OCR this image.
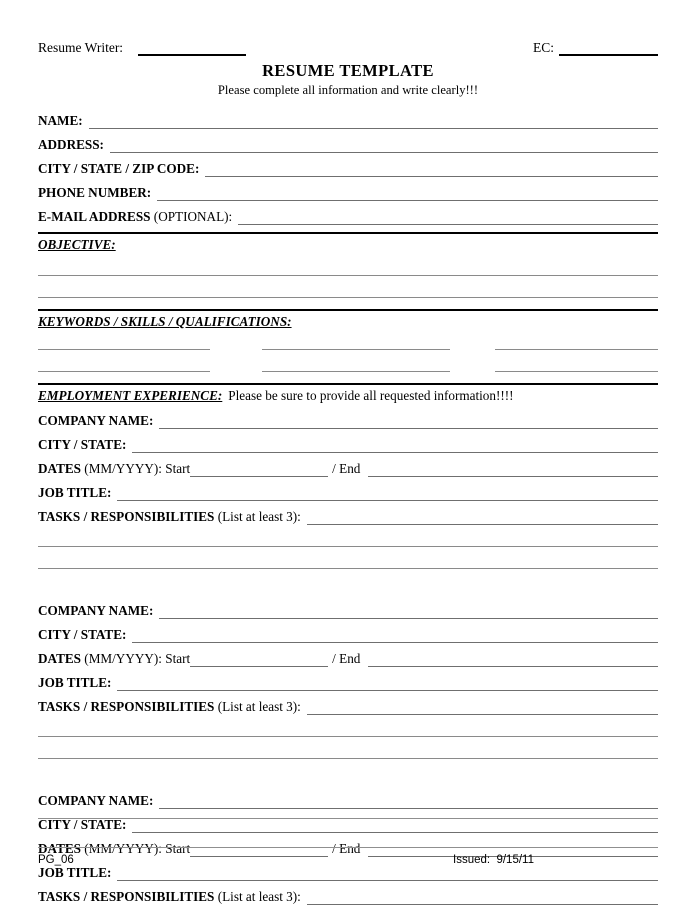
Resume Writer:	EC:
RESUME TEMPLATE
Please complete all information and write clearly!!!
NAME:
ADDRESS:
CITY / STATE / ZIP CODE:
PHONE NUMBER:
E-MAIL ADDRESS (OPTIONAL):
OBJECTIVE:
KEYWORDS / SKILLS / QUALIFICATIONS:
EMPLOYMENT EXPERIENCE: Please be sure to provide all requested information!!!!
COMPANY NAME:
CITY / STATE:
DATES (MM/YYYY): Start	/ End
JOB TITLE:
TASKS / RESPONSIBILITIES (List at least 3):
COMPANY NAME:
CITY / STATE:
DATES (MM/YYYY): Start	/ End
JOB TITLE:
TASKS / RESPONSIBILITIES (List at least 3):
COMPANY NAME:
CITY / STATE:
DATES (MM/YYYY): Start	/ End
JOB TITLE:
TASKS / RESPONSIBILITIES (List at least 3):
PG_06	Issued:  9/15/11
